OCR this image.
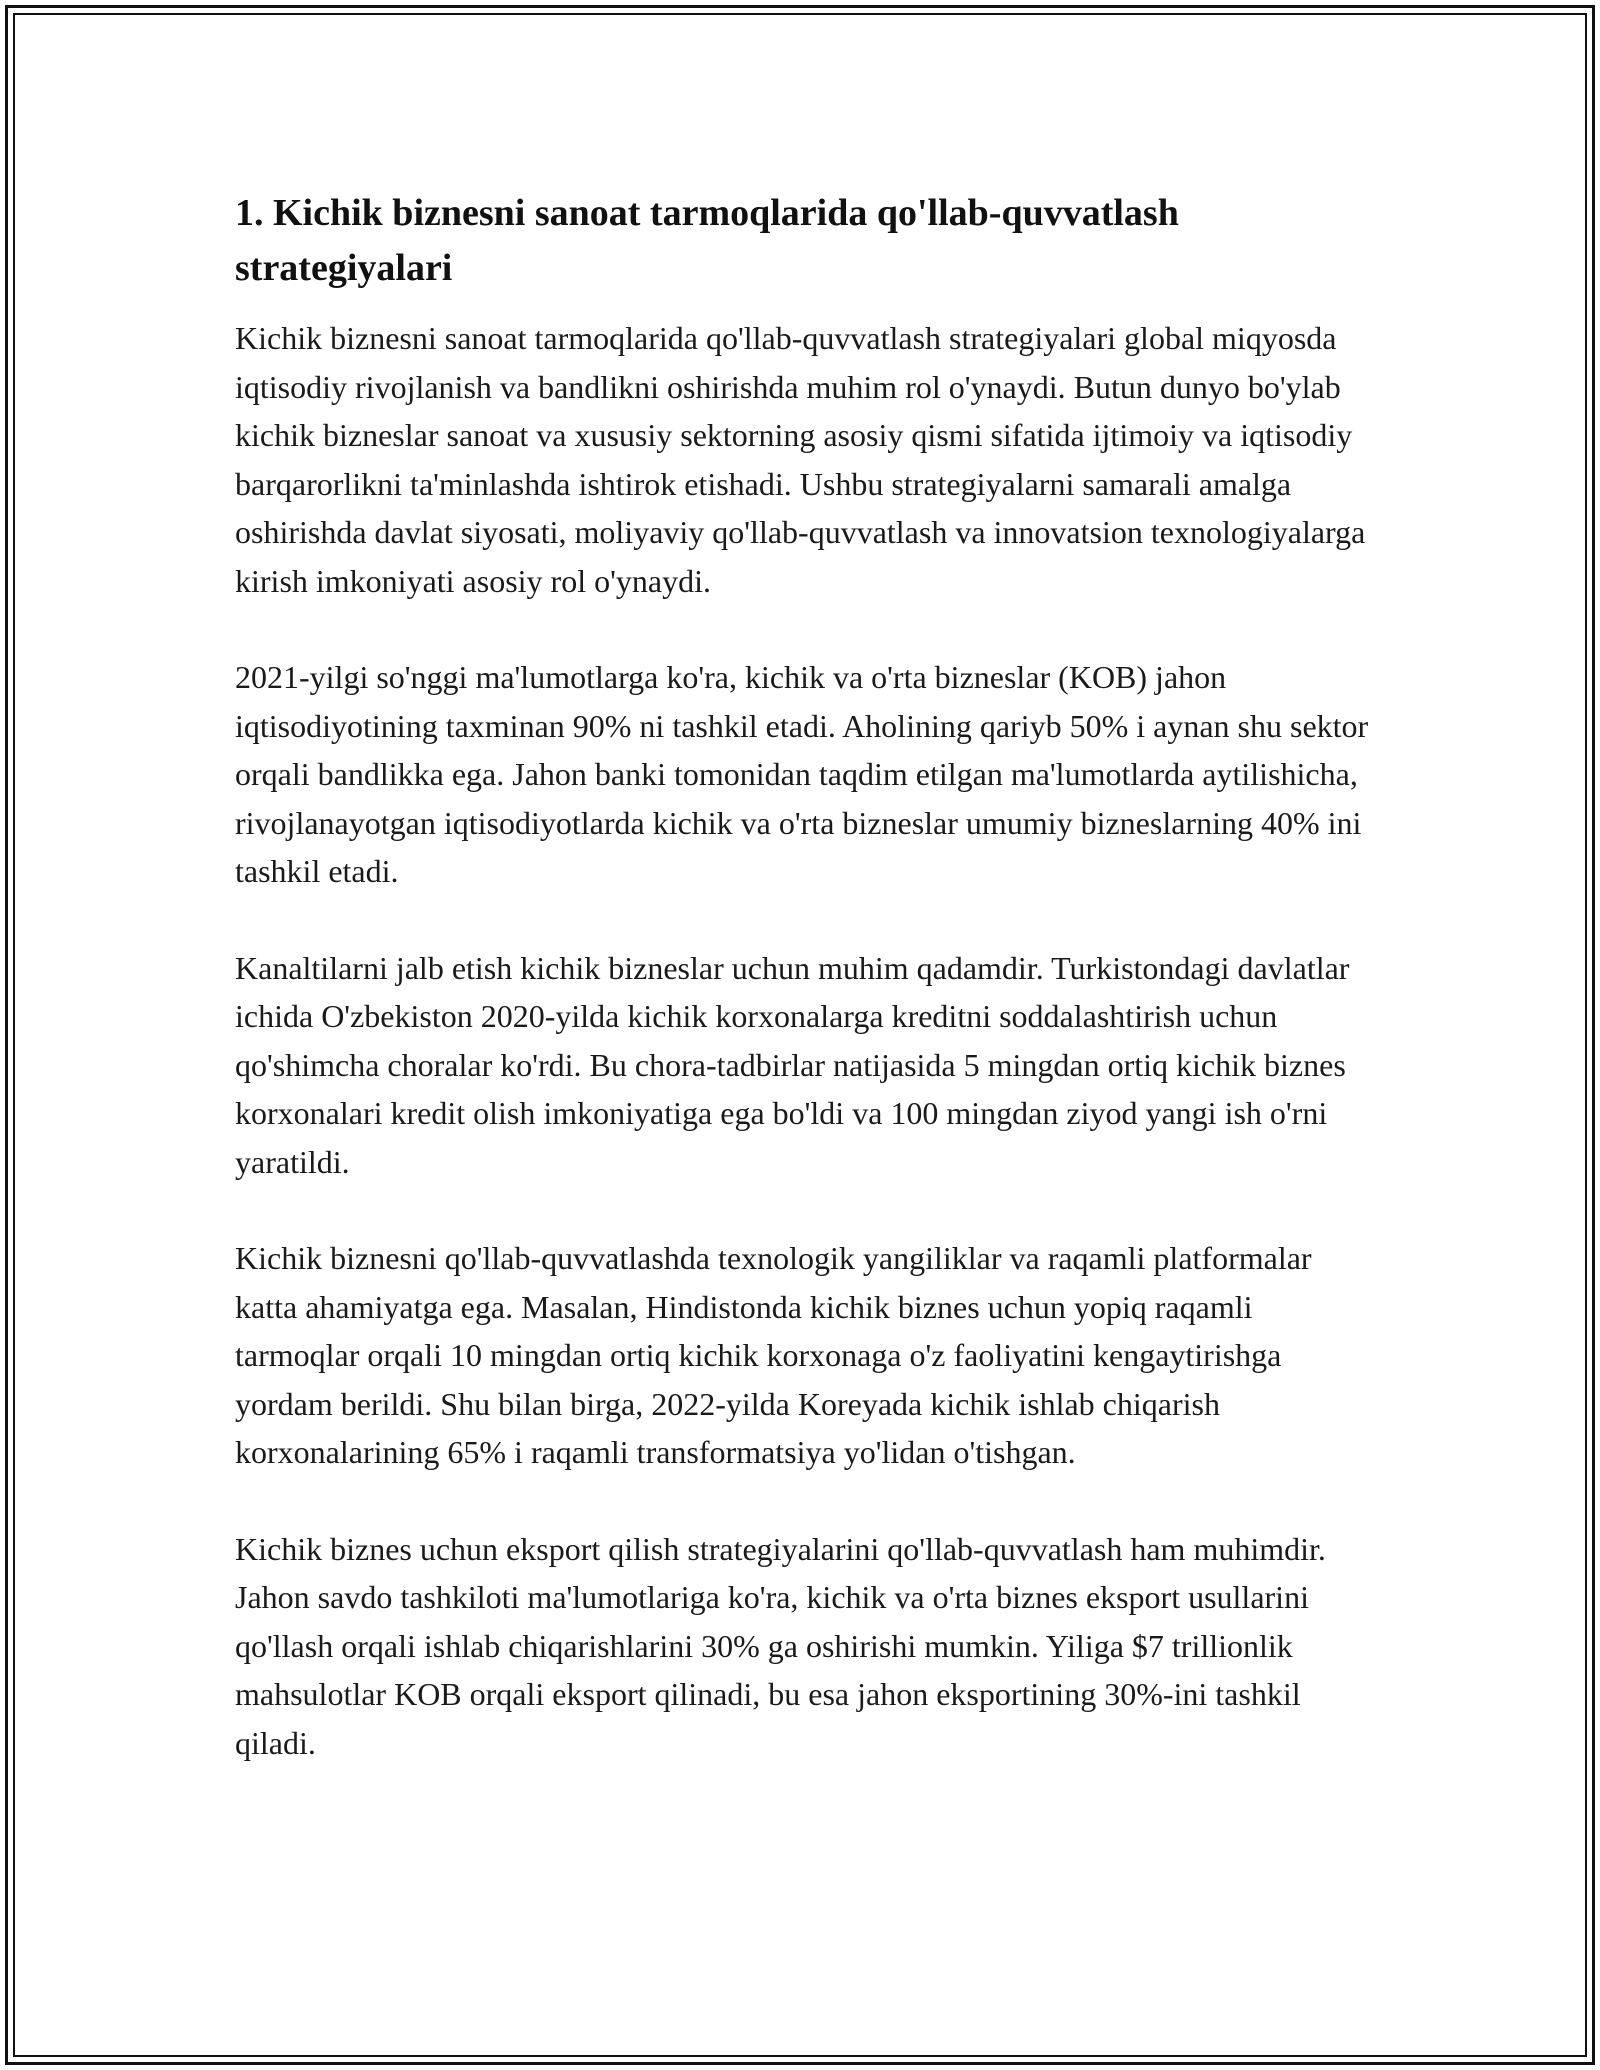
1. Kichik biznesni sanoat tarmoqlarida qo'llab-quvvatlash strategiyalari

Kichik biznesni sanoat tarmoqlarida qo'llab-quvvatlash strategiyalari global miqyosda iqtisodiy rivojlanish va bandlikni oshirishda muhim rol o'ynaydi. Butun dunyo bo'ylab kichik bizneslar sanoat va xususiy sektorning asosiy qismi sifatida ijtimoiy va iqtisodiy barqarorlikni ta'minlashda ishtirok etishadi. Ushbu strategiyalarni samarali amalga oshirishda davlat siyosati, moliyaviy qo'llab-quvvatlash va innovatsion texnologiyalarga kirish imkoniyati asosiy rol o'ynaydi.

2021-yilgi so'nggi ma'lumotlarga ko'ra, kichik va o'rta bizneslar (KOB) jahon iqtisodiyotining taxminan 90% ni tashkil etadi. Aholining qariyb 50% i aynan shu sektor orqali bandlikka ega. Jahon banki tomonidan taqdim etilgan ma'lumotlarda aytilishicha, rivojlanayotgan iqtisodiyotlarda kichik va o'rta bizneslar umumiy bizneslarning 40% ini tashkil etadi.

Kanaltilarni jalb etish kichik bizneslar uchun muhim qadamdir. Turkistondagi davlatlar ichida O'zbekiston 2020-yilda kichik korxonalarga kreditni soddalashtirish uchun qo'shimcha choralar ko'rdi. Bu chora-tadbirlar natijasida 5 mingdan ortiq kichik biznes korxonalari kredit olish imkoniyatiga ega bo'ldi va 100 mingdan ziyod yangi ish o'rni yaratildi.

Kichik biznesni qo'llab-quvvatlashda texnologik yangiliklar va raqamli platformalar katta ahamiyatga ega. Masalan, Hindistonda kichik biznes uchun yopiq raqamli tarmoqlar orqali 10 mingdan ortiq kichik korxonaga o'z faoliyatini kengaytirishga yordam berildi. Shu bilan birga, 2022-yilda Koreyada kichik ishlab chiqarish korxonalarining 65% i raqamli transformatsiya yo'lidan o'tishgan.

Kichik biznes uchun eksport qilish strategiyalarini qo'llab-quvvatlash ham muhimdir. Jahon savdo tashkiloti ma'lumotlariga ko'ra, kichik va o'rta biznes eksport usullarini qo'llash orqali ishlab chiqarishlarini 30% ga oshirishi mumkin. Yiliga $7 trillionlik mahsulotlar KOB orqali eksport qilinadi, bu esa jahon eksportining 30%-ini tashkil qiladi.
